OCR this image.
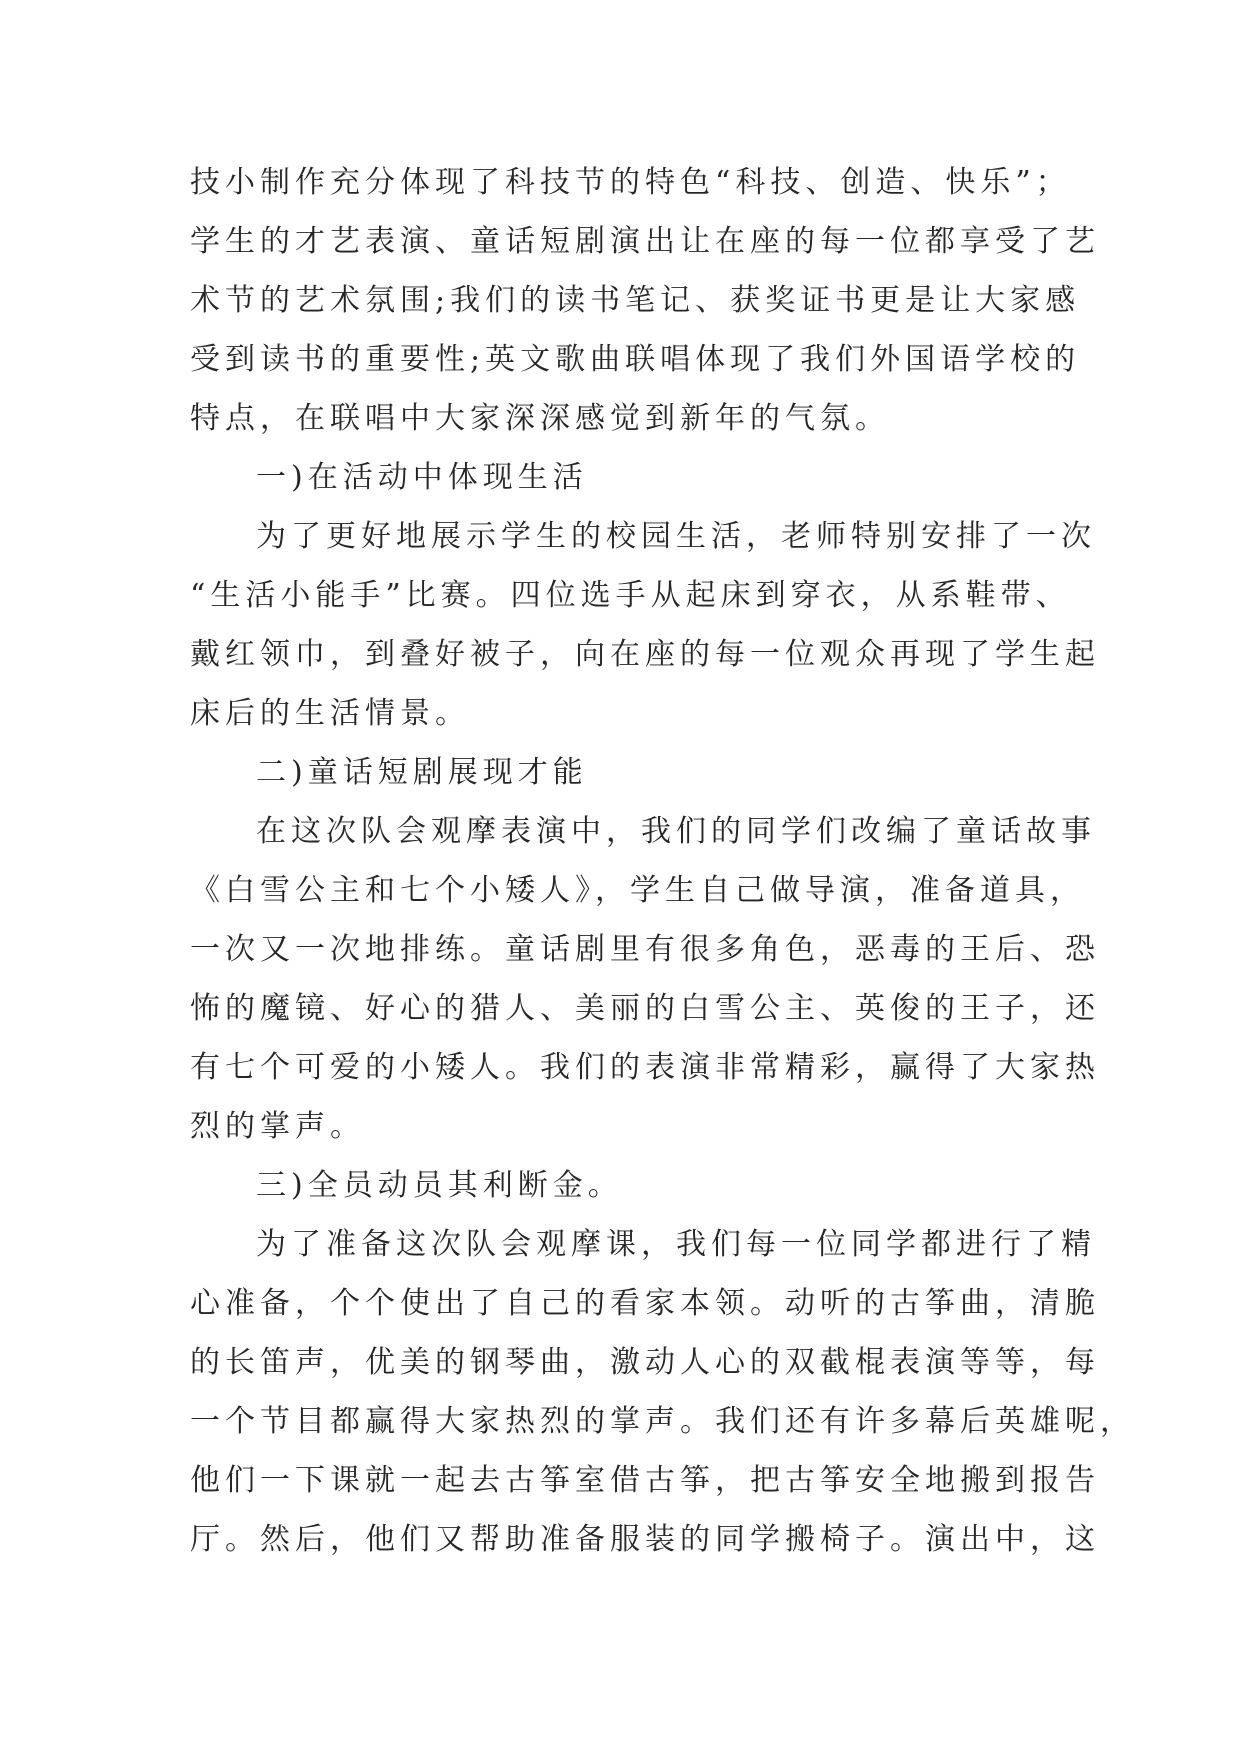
技小制作充分体现了科技节的特色“科技、创造、快乐”；
学生的才艺表演、童话短剧演出让在座的每一位都享受了艺
术节的艺术氛围;我们的读书笔记、获奖证书更是让大家感
受到读书的重要性;英文歌曲联唱体现了我们外国语学校的
特点，在联唱中大家深深感觉到新年的气氛。
一)在活动中体现生活
为了更好地展示学生的校园生活，老师特别安排了一次
“生活小能手”比赛。四位选手从起床到穿衣，从系鞋带、
戴红领巾，到叠好被子，向在座的每一位观众再现了学生起
床后的生活情景。
二)童话短剧展现才能
在这次队会观摩表演中，我们的同学们改编了童话故事
《白雪公主和七个小矮人》，学生自己做导演，准备道具，
一次又一次地排练。童话剧里有很多角色，恶毒的王后、恐
怖的魔镜、好心的猎人、美丽的白雪公主、英俊的王子，还
有七个可爱的小矮人。我们的表演非常精彩，赢得了大家热
烈的掌声。
三)全员动员其利断金。
为了准备这次队会观摩课，我们每一位同学都进行了精
心准备，个个使出了自己的看家本领。动听的古筝曲，清脆
的长笛声，优美的钢琴曲，激动人心的双截棍表演等等，每
一个节目都赢得大家热烈的掌声。我们还有许多幕后英雄呢，
他们一下课就一起去古筝室借古筝，把古筝安全地搬到报告
厅。然后，他们又帮助准备服装的同学搬椅子。演出中，这
